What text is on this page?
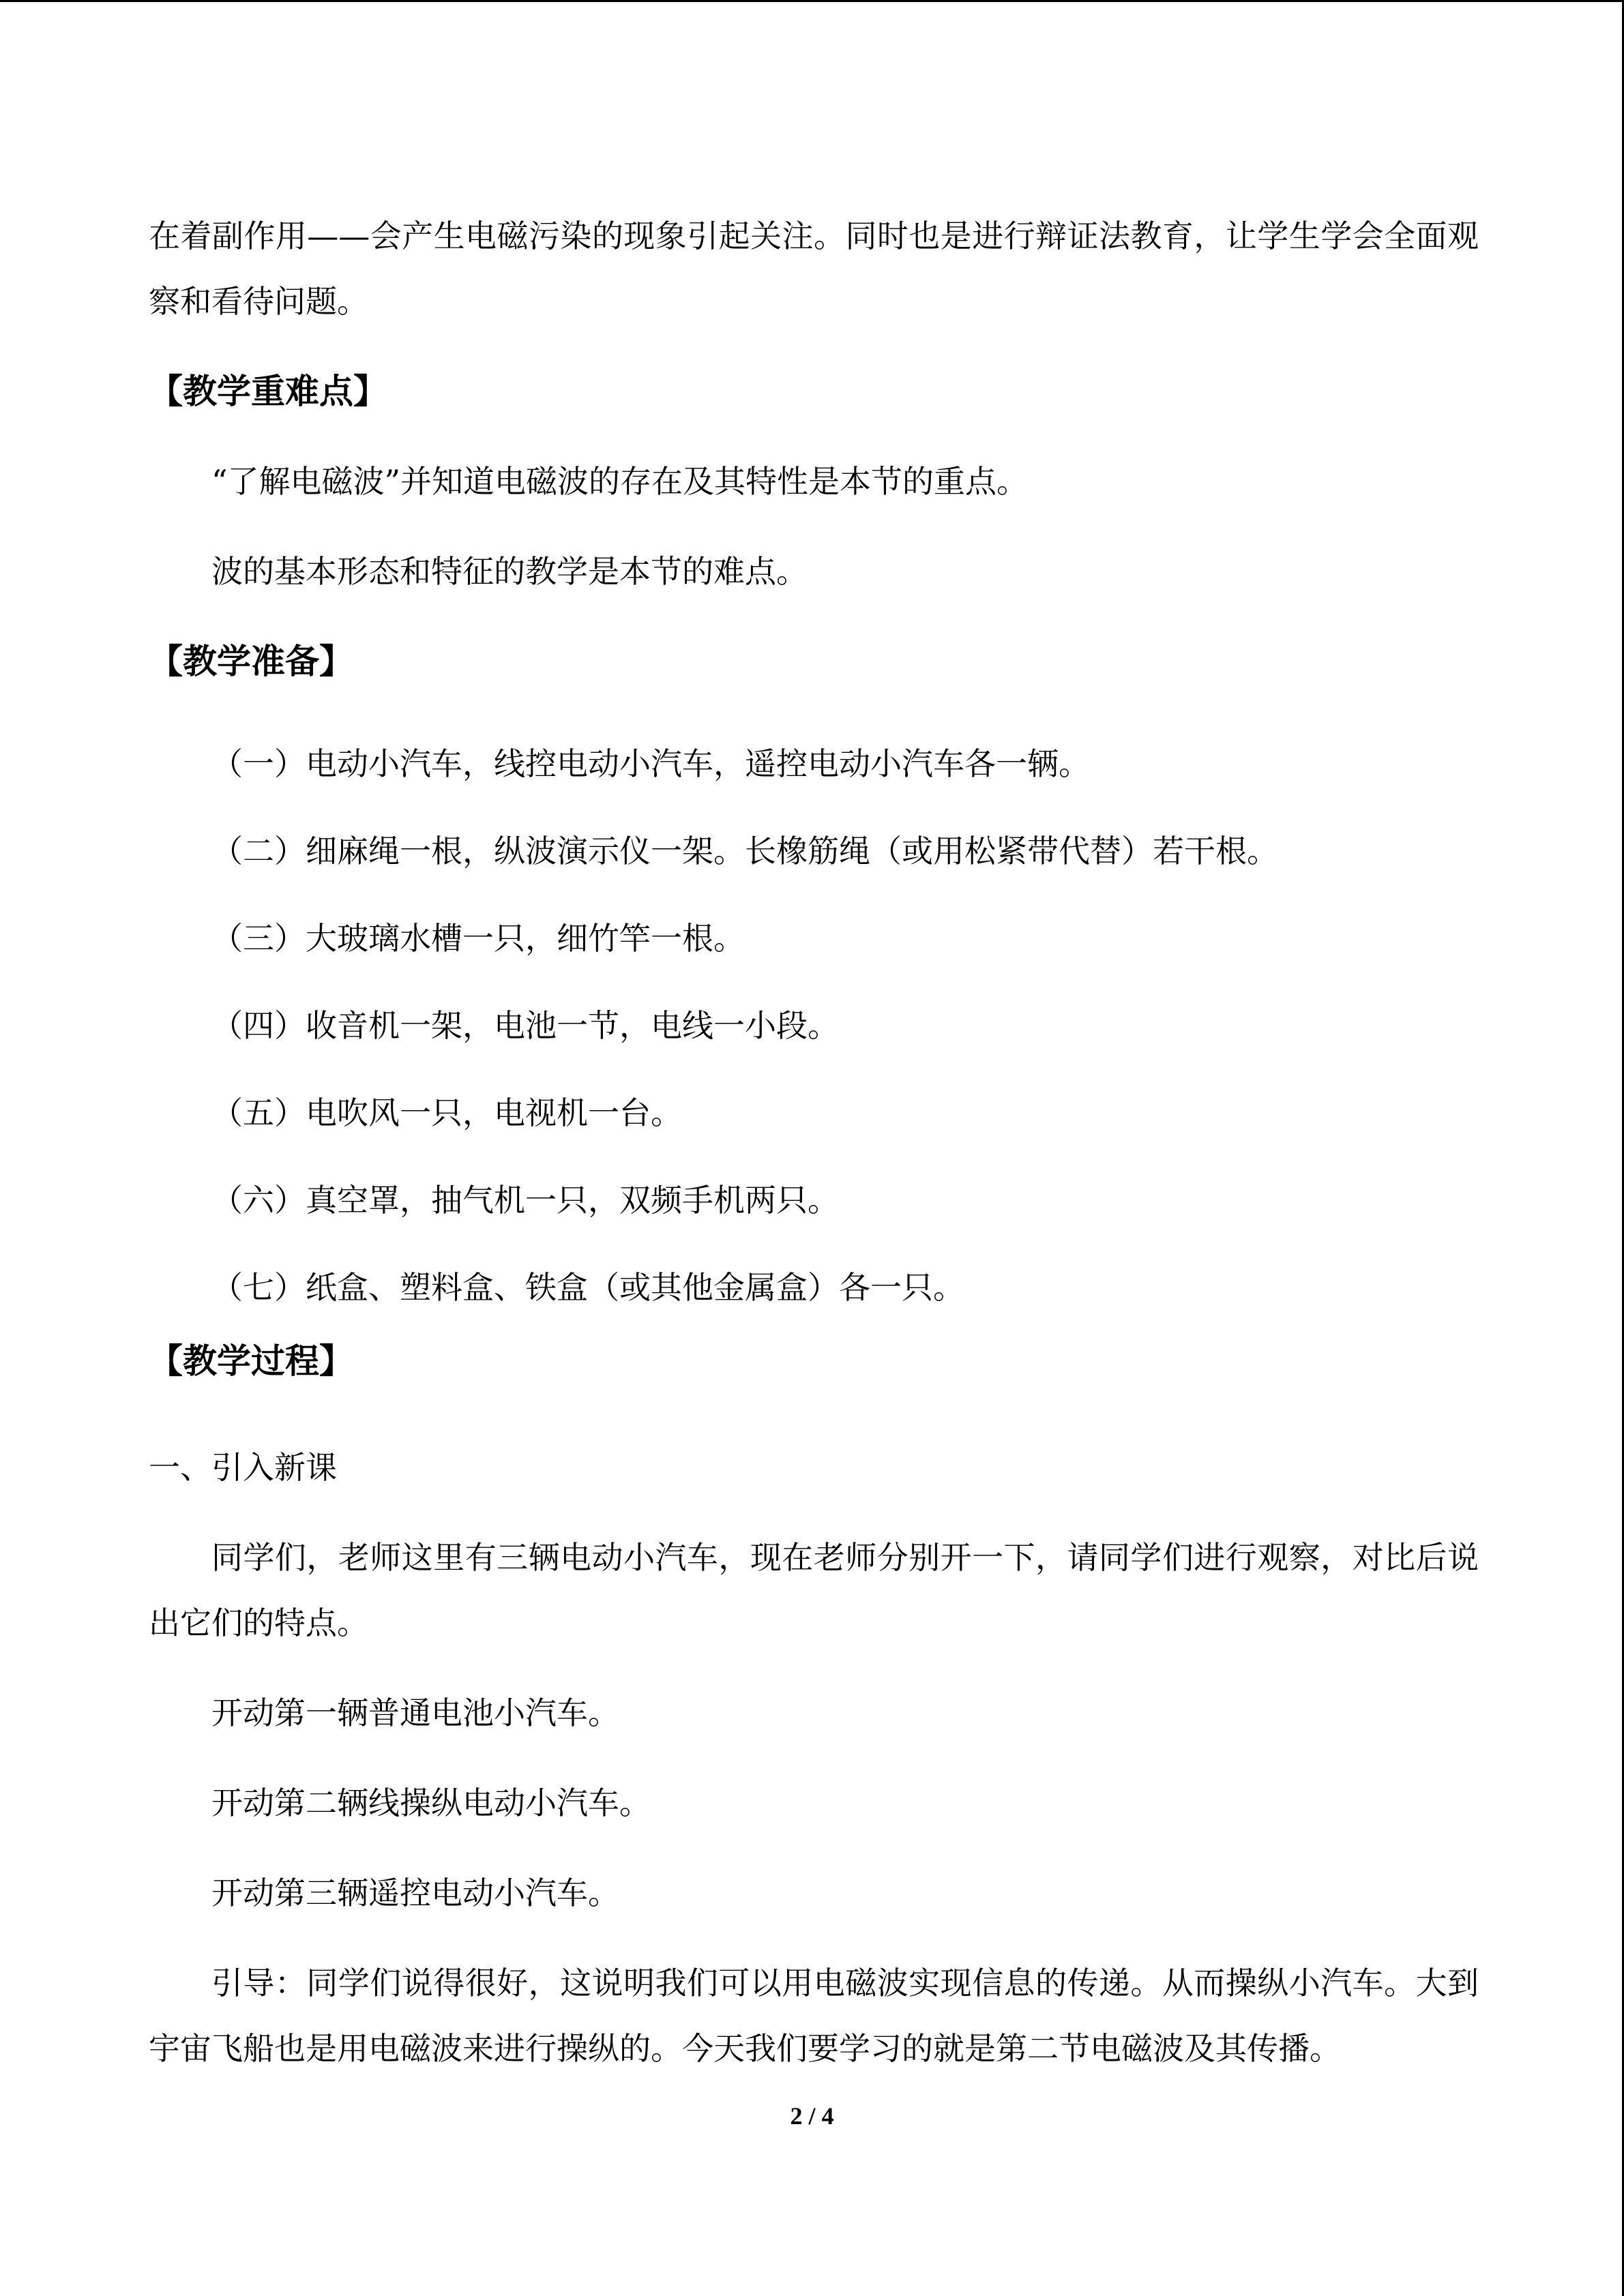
在着副作用——会产生电磁污染的现象引起关注。同时也是进行辩证法教育，让学生学会全面观察和看待问题。

【教学重难点】

“了解电磁波”并知道电磁波的存在及其特性是本节的重点。

波的基本形态和特征的教学是本节的难点。

【教学准备】

（一）电动小汽车，线控电动小汽车，遥控电动小汽车各一辆。

（二）细麻绳一根，纵波演示仪一架。长橡筋绳（或用松紧带代替）若干根。

（三）大玻璃水槽一只，细竹竿一根。

（四）收音机一架，电池一节，电线一小段。

（五）电吹风一只，电视机一台。

（六）真空罩，抽气机一只，双频手机两只。

（七）纸盒、塑料盒、铁盒（或其他金属盒）各一只。

【教学过程】

一、引入新课

同学们，老师这里有三辆电动小汽车，现在老师分别开一下，请同学们进行观察，对比后说出它们的特点。

开动第一辆普通电池小汽车。

开动第二辆线操纵电动小汽车。

开动第三辆遥控电动小汽车。

引导：同学们说得很好，这说明我们可以用电磁波实现信息的传递。从而操纵小汽车。大到宇宙飞船也是用电磁波来进行操纵的。今天我们要学习的就是第二节电磁波及其传播。

2 / 4
